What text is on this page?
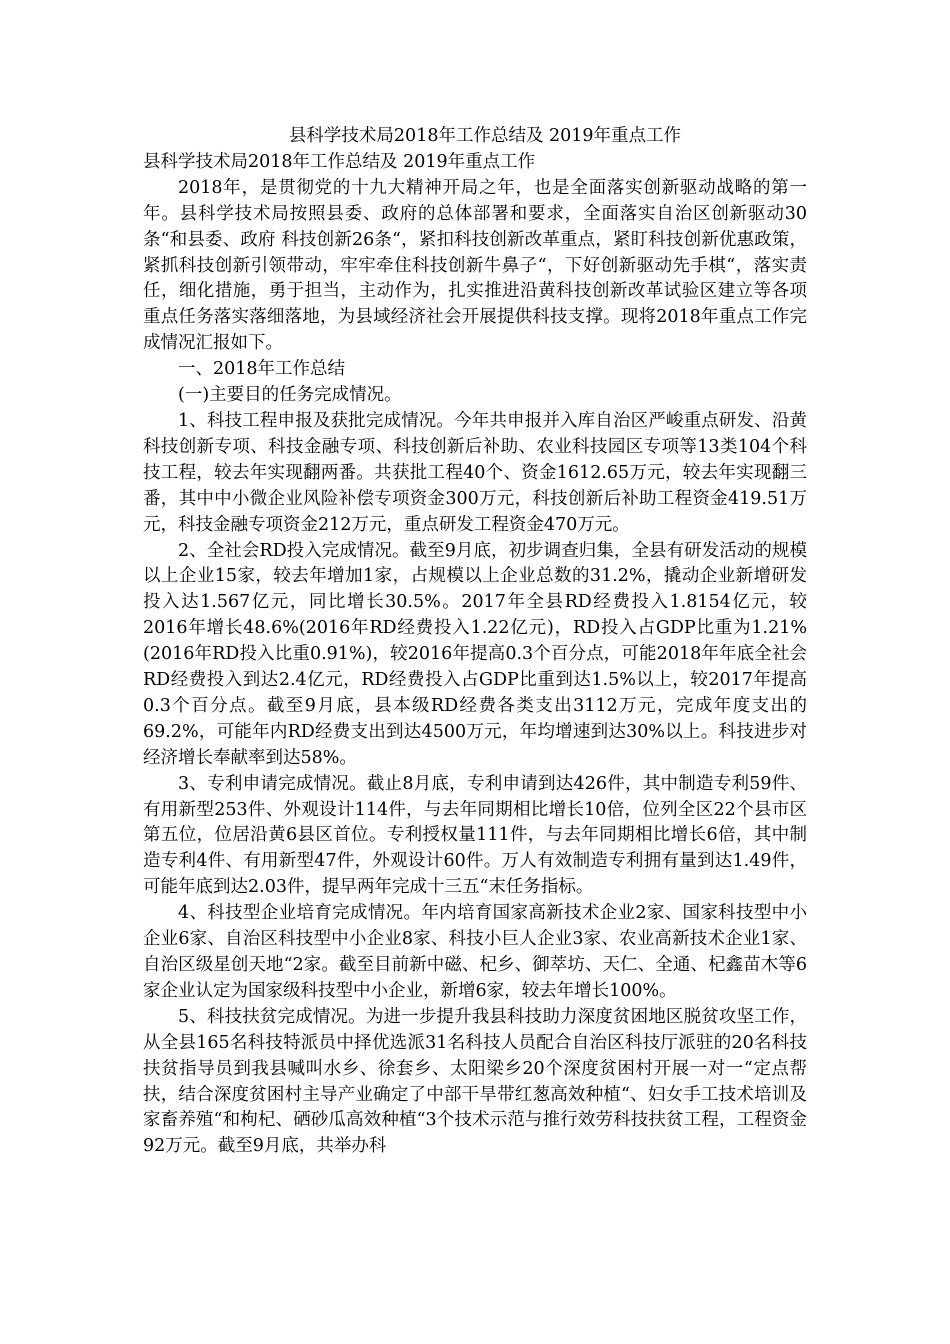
县科学技术局2018年工作总结及 2019年重点工作
县科学技术局2018年工作总结及 2019年重点工作

2018年，是贯彻党的十九大精神开局之年，也是全面落实创新驱动战略的第一年。县科学技术局按照县委、政府的总体部署和要求，全面落实自治区创新驱动30条“和县委、政府 科技创新26条“，紧扣科技创新改革重点，紧盯科技创新优惠政策，紧抓科技创新引领带动，牢牢牵住科技创新牛鼻子“，下好创新驱动先手棋“，落实责任，细化措施，勇于担当，主动作为，扎实推进沿黄科技创新改革试验区建立等各项重点任务落实落细落地，为县域经济社会开展提供科技支撑。现将2018年重点工作完成情况汇报如下。

一、2018年工作总结

(一)主要目的任务完成情况。

1、科技工程申报及获批完成情况。今年共申报并入库自治区严峻重点研发、沿黄科技创新专项、科技金融专项、科技创新后补助、农业科技园区专项等13类104个科技工程，较去年实现翻两番。共获批工程40个、资金1612.65万元，较去年实现翻三番，其中中小微企业风险补偿专项资金300万元，科技创新后补助工程资金419.51万元，科技金融专项资金212万元，重点研发工程资金470万元。

2、全社会RD投入完成情况。截至9月底，初步调查归集，全县有研发活动的规模以上企业15家，较去年增加1家，占规模以上企业总数的31.2%，撬动企业新增研发投入达1.567亿元，同比增长30.5%。2017年全县RD经费投入1.8154亿元，较2016年增长48.6%(2016年RD经费投入1.22亿元)，RD投入占GDP比重为1.21%(2016年RD投入比重0.91%)，较2016年提高0.3个百分点，可能2018年年底全社会RD经费投入到达2.4亿元，RD经费投入占GDP比重到达1.5%以上，较2017年提高0.3个百分点。截至9月底，县本级RD经费各类支出3112万元，完成年度支出的69.2%，可能年内RD经费支出到达4500万元，年均增速到达30%以上。科技进步对经济增长奉献率到达58%。

3、专利申请完成情况。截止8月底，专利申请到达426件，其中制造专利59件、有用新型253件、外观设计114件，与去年同期相比增长10倍，位列全区22个县市区第五位，位居沿黄6县区首位。专利授权量111件，与去年同期相比增长6倍，其中制造专利4件、有用新型47件，外观设计60件。万人有效制造专利拥有量到达1.49件，可能年底到达2.03件，提早两年完成十三五“末任务指标。

4、科技型企业培育完成情况。年内培育国家高新技术企业2家、国家科技型中小企业6家、自治区科技型中小企业8家、科技小巨人企业3家、农业高新技术企业1家、自治区级星创天地“2家。截至目前新中磁、杞乡、御萃坊、天仁、全通、杞鑫苗木等6家企业认定为国家级科技型中小企业，新增6家，较去年增长100%。

5、科技扶贫完成情况。为进一步提升我县科技助力深度贫困地区脱贫攻坚工作，从全县165名科技特派员中择优选派31名科技人员配合自治区科技厅派驻的20名科技扶贫指导员到我县喊叫水乡、徐套乡、太阳梁乡20个深度贫困村开展一对一“定点帮扶，结合深度贫困村主导产业确定了中部干旱带红葱高效种植“、妇女手工技术培训及家畜养殖“和枸杞、硒砂瓜高效种植“3个技术示范与推行效劳科技扶贫工程，工程资金92万元。截至9月底，共举办科
